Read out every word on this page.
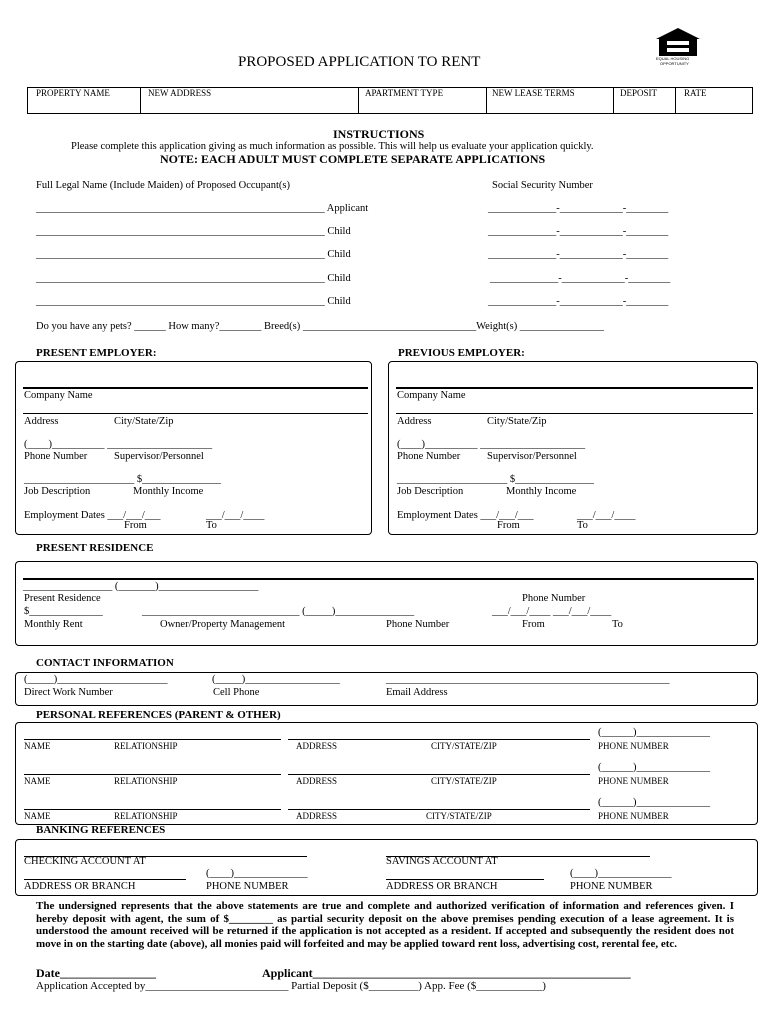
PROPOSED APPLICATION TO RENT	EQUAL HOUSING
OPPORTUNITY
PROPERTY NAME	NEW ADDRESS	APARTMENT TYPE	NEW LEASE TERMS	DEPOSIT	RATE
INSTRUCTIONS
Please complete this application giving as much information as possible. This will help us evaluate your application quickly.
NOTE: EACH ADULT MUST COMPLETE SEPARATE APPLICATIONS
Full Legal Name (Include Maiden) of Proposed Occupant(s)	Social Security Number
_______________________________________________________ Applicant	_____________-____________-________
_______________________________________________________ Child	_____________-____________-________
_______________________________________________________ Child	_____________-____________-________
_______________________________________________________ Child	_____________-____________-________
_______________________________________________________ Child	_____________-____________-________
Do you have any pets? ______ How many?________ Breed(s) _________________________________Weight(s) ________________
PRESENT EMPLOYER:	PREVIOUS EMPLOYER:
Company Name
Address	City/State/Zip
(____)__________ ____________________
Phone Number	Supervisor/Personnel
_____________________ $_______________
Job Description	Monthly Income
Employment Dates ___/___/___	___/___/____
From	To
Company Name
Address	City/State/Zip
(____)__________ ____________________
Phone Number	Supervisor/Personnel
_____________________ $_______________
Job Description	Monthly Income
Employment Dates ___/___/___	___/___/____
From	To
PRESENT RESIDENCE
_________________ (_______)___________________
Present Residence	Phone Number
$______________	______________________________ (_____)_______________	___/___/____ ___/___/____
Monthly Rent	Owner/Property Management	Phone Number	From	To
CONTACT INFORMATION
(_____)_____________________	(_____)__________________	______________________________________________________
Direct Work Number	Cell Phone	Email Address
PERSONAL REFERENCES (PARENT & OTHER)
(______)______________
NAME	RELATIONSHIP	ADDRESS	CITY/STATE/ZIP	PHONE NUMBER
(______)______________
NAME	RELATIONSHIP	ADDRESS	CITY/STATE/ZIP	PHONE NUMBER
(______)______________
NAME	RELATIONSHIP	ADDRESS	CITY/STATE/ZIP	PHONE NUMBER
BANKING REFERENCES
CHECKING ACCOUNT AT	SAVINGS ACCOUNT AT
(____)______________	(____)______________
ADDRESS OR BRANCH	PHONE NUMBER	ADDRESS OR BRANCH	PHONE NUMBER
The undersigned represents that the above statements are true and complete and authorized verification of information and references given. I hereby deposit with agent, the sum of $________ as partial security deposit on the above premises pending execution of a lease agreement. It is understood the amount received will be returned if the application is not accepted as a resident. If accepted and subsequently the resident does not move in on the starting date (above), all monies paid will forfeited and may be applied toward rent loss, advertising cost, rerental fee, etc.
Date________________	Applicant_____________________________________________________
Application Accepted by__________________________ Partial Deposit ($_________) App. Fee ($____________)
